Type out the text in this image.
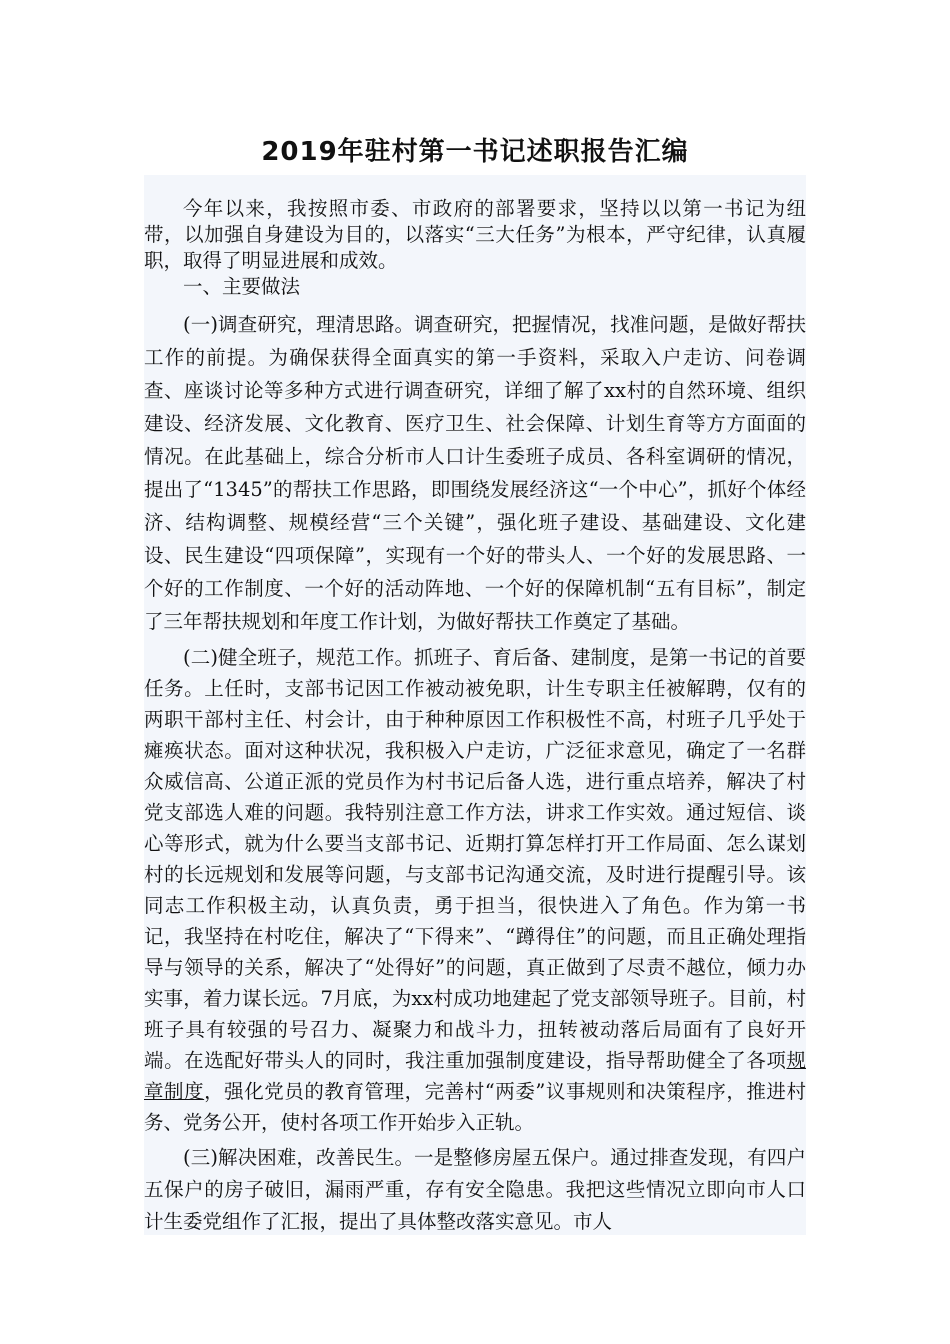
2019年驻村第一书记述职报告汇编

今年以来，我按照市委、市政府的部署要求，坚持以以第一书记为纽带，以加强自身建设为目的，以落实“三大任务”为根本，严守纪律，认真履职，取得了明显进展和成效。

一、主要做法

(一)调查研究，理清思路。调查研究，把握情况，找准问题，是做好帮扶工作的前提。为确保获得全面真实的第一手资料，采取入户走访、问卷调查、座谈讨论等多种方式进行调查研究，详细了解了xx村的自然环境、组织建设、经济发展、文化教育、医疗卫生、社会保障、计划生育等方方面面的情况。在此基础上，综合分析市人口计生委班子成员、各科室调研的情况，提出了“1345”的帮扶工作思路，即围绕发展经济这“一个中心”，抓好个体经济、结构调整、规模经营“三个关键”，强化班子建设、基础建设、文化建设、民生建设“四项保障”，实现有一个好的带头人、一个好的发展思路、一个好的工作制度、一个好的活动阵地、一个好的保障机制“五有目标”，制定了三年帮扶规划和年度工作计划，为做好帮扶工作奠定了基础。

(二)健全班子，规范工作。抓班子、育后备、建制度，是第一书记的首要任务。上任时，支部书记因工作被动被免职，计生专职主任被解聘，仅有的两职干部村主任、村会计，由于种种原因工作积极性不高，村班子几乎处于瘫痪状态。面对这种状况，我积极入户走访，广泛征求意见，确定了一名群众威信高、公道正派的党员作为村书记后备人选，进行重点培养，解决了村党支部选人难的问题。我特别注意工作方法，讲求工作实效。通过短信、谈心等形式，就为什么要当支部书记、近期打算怎样打开工作局面、怎么谋划村的长远规划和发展等问题，与支部书记沟通交流，及时进行提醒引导。该同志工作积极主动，认真负责，勇于担当，很快进入了角色。作为第一书记，我坚持在村吃住，解决了“下得来”、“蹲得住”的问题，而且正确处理指导与领导的关系，解决了“处得好”的问题，真正做到了尽责不越位，倾力办实事，着力谋长远。7月底，为xx村成功地建起了党支部领导班子。目前，村班子具有较强的号召力、凝聚力和战斗力，扭转被动落后局面有了良好开端。在选配好带头人的同时，我注重加强制度建设，指导帮助健全了各项规章制度，强化党员的教育管理，完善村“两委”议事规则和决策程序，推进村务、党务公开，使村各项工作开始步入正轨。

(三)解决困难，改善民生。一是整修房屋五保户。通过排查发现，有四户五保户的房子破旧，漏雨严重，存有安全隐患。我把这些情况立即向市人口计生委党组作了汇报，提出了具体整改落实意见。市人
